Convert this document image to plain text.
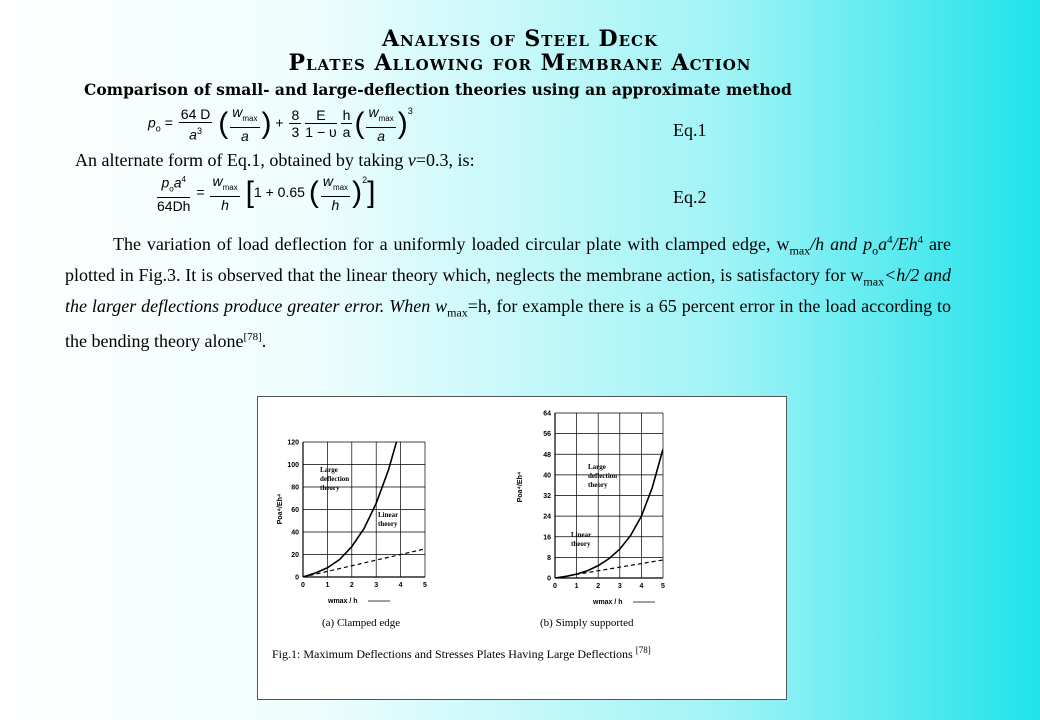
Analysis of Steel Deck
Plates Allowing for Membrane Action
Comparison of small- and large-deflection theories using an approximate method
$p_o = \frac{64 D}{a^3}$ ( $\frac{w_{max}}{a}$ ) + $\frac{8}{3} \frac{E}{1 - \upsilon} \frac{h}{a}$ ( $\frac{w_{max}}{a} )^3$
Eq.1
An alternate form of Eq.1, obtained by taking ν=0.3, is:
$\frac{p_oa^4}{64Dh} = \frac{w_{max}}{h} [1 + 0.65$ ( $\frac{w_{max}}{h} )^2$]	Eq.2
The variation of load deflection for a uniformly loaded circular plate with clamped edge, $w_{max}/h$ and $p_oa^4/Eh^4$ are plotted in Fig.3. It is observed that the linear theory which, neglects the membrane action, is satisfactory for $w_{max}<h/2$ and the larger deflections produce greater error. When $w_{max}=h$, for example there is a 65 percent error in the load according to the bending theory alone[78].
0	1	2	3	4	5
0
20
40
60
80
100
120
Large
deflection
theory
Linear
theory
Poa⁴/Eh⁴
wmax / h
0	1	2	3	4	5
0
8
16
24
32
40
48
56
64
Large
deflection
theory
Linear
theory
Poa⁴/Eh⁴
wmax / h
(a) Clamped edge	(b) Simply supported
Fig.1: Maximum Deflections and Stresses Plates Having Large Deflections [78]
